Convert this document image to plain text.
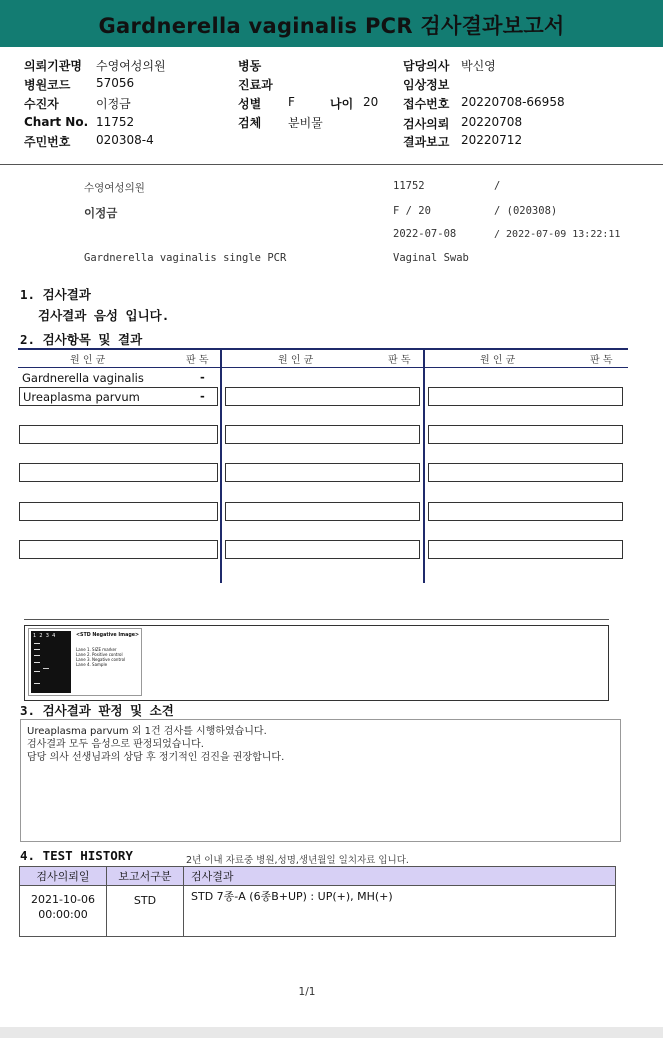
Gardnerella vaginalis PCR 검사결과보고서
의뢰기관명 수영여성의원
병원코드 57056
수진자	이정금
Chart No. 11752
주민번호 020308-4
병동
진료과
성별 F	나이 20
검체 분비물
담당의사 박신영
임상정보
접수번호 20220708-66958
검사의뢰 20220708
결과보고 20220712
수영여성의원	11752	/
이정금	F / 20	/ (020308)
2022-07-08	/ 2022-07-09 13:22:11
Gardnerella vaginalis single PCR	Vaginal Swab
1. 검사결과
검사결과 음성 입니다.
2. 검사항목 및 결과
원 인 균	판 독	원 인 균	판 독	원 인 균	판 독
Gardnerella vaginalis	-
Ureaplasma parvum	-
1  2  3  4	<STD Negative Image>
Lane 1. SIZE marker
Lane 2. Positive control
Lane 3. Negative control
Lane 4. Sample
3. 검사결과 판정 및 소견
Ureaplasma parvum 외 1건 검사를 시행하였습니다.
검사결과 모두 음성으로 판정되었습니다.
담당 의사 선생님과의 상담 후 정기적인 검진을 권장합니다.
4. TEST HISTORY	2년 이내 자료중 병원,성명,생년월일 일치자료 입니다.
검사의뢰일	보고서구분	검사결과

2021-10-06
00:00:00	STD	STD 7종-A (6종B+UP) : UP(+), MH(+)
1/1
